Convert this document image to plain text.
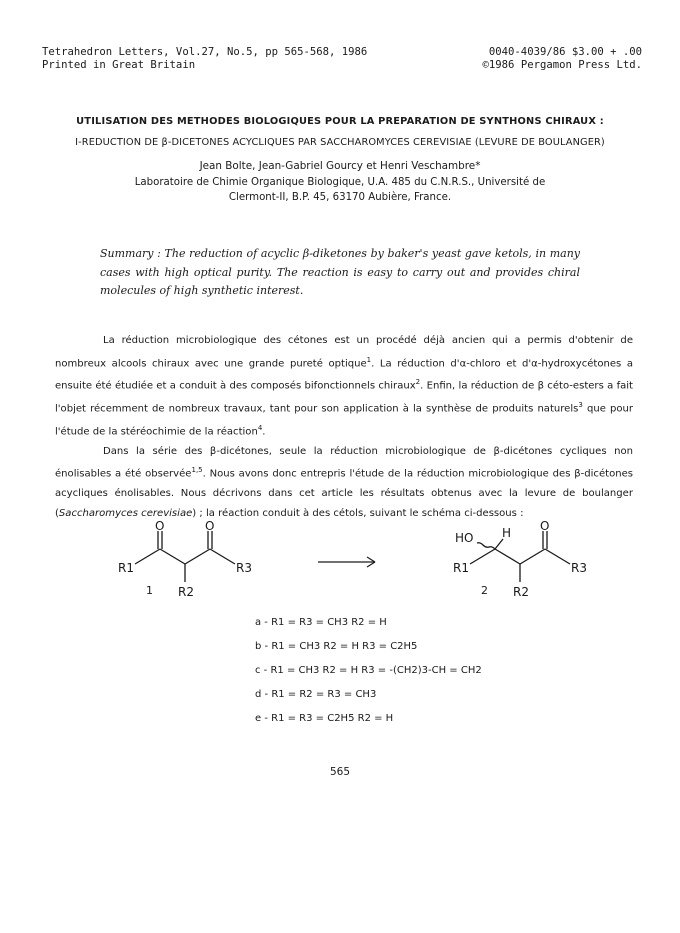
Tetrahedron Letters, Vol.27, No.5, pp 565-568, 1986	0040-4039/86 $3.00 + .00
Printed in Great Britain	©1986 Pergamon Press Ltd.
UTILISATION DES METHODES BIOLOGIQUES POUR LA PREPARATION DE SYNTHONS CHIRAUX :
I-REDUCTION DE β-DICETONES ACYCLIQUES PAR SACCHAROMYCES CEREVISIAE (LEVURE DE BOULANGER)
Jean Bolte, Jean-Gabriel Gourcy et Henri Veschambre*
Laboratoire de Chimie Organique Biologique, U.A. 485 du C.N.R.S., Université de
Clermont-II, B.P. 45, 63170 Aubière, France.
Summary : The reduction of acyclic β-diketones by baker's yeast gave ketols, in many cases with high optical purity. The reaction is easy to carry out and provides chiral molecules of high synthetic interest.

La réduction microbiologique des cétones est un procédé déjà ancien qui a permis d'obtenir de nombreux alcools chiraux avec une grande pureté optique$^1$. La réduction d'α-chloro et d'α-hydroxycétones a ensuite été étudiée et a conduit à des composés bifonctionnels chiraux$^2$. Enfin, la réduction de β céto-esters a fait l'objet récemment de nombreux travaux, tant pour son application à la synthèse de produits naturels$^3$ que pour l'étude de la stéréochimie de la réaction$^4$.

Dans la série des β-dicétones, seule la réduction microbiologique de β-dicétones cycliques non énolisables a été observée$^{1,5}$. Nous avons donc entrepris l'étude de la réduction microbiologique des β-dicétones acycliques énolisables. Nous décrivons dans cet article les résultats obtenus avec la levure de boulanger (Saccharomyces cerevisiae) ; la réaction conduit à des cétols, suivant le schéma ci-dessous :

O	O
R1	R3
R2
1
HO H O
R1	R3
R2
2
a - R1 = R3 = CH3 R2 = H
b - R1 = CH3 R2 = H R3 = C2H5
c - R1 = CH3 R2 = H R3 = -(CH2)3-CH = CH2
d - R1 = R2 = R3 = CH3
e - R1 = R3 = C2H5 R2 = H
565
